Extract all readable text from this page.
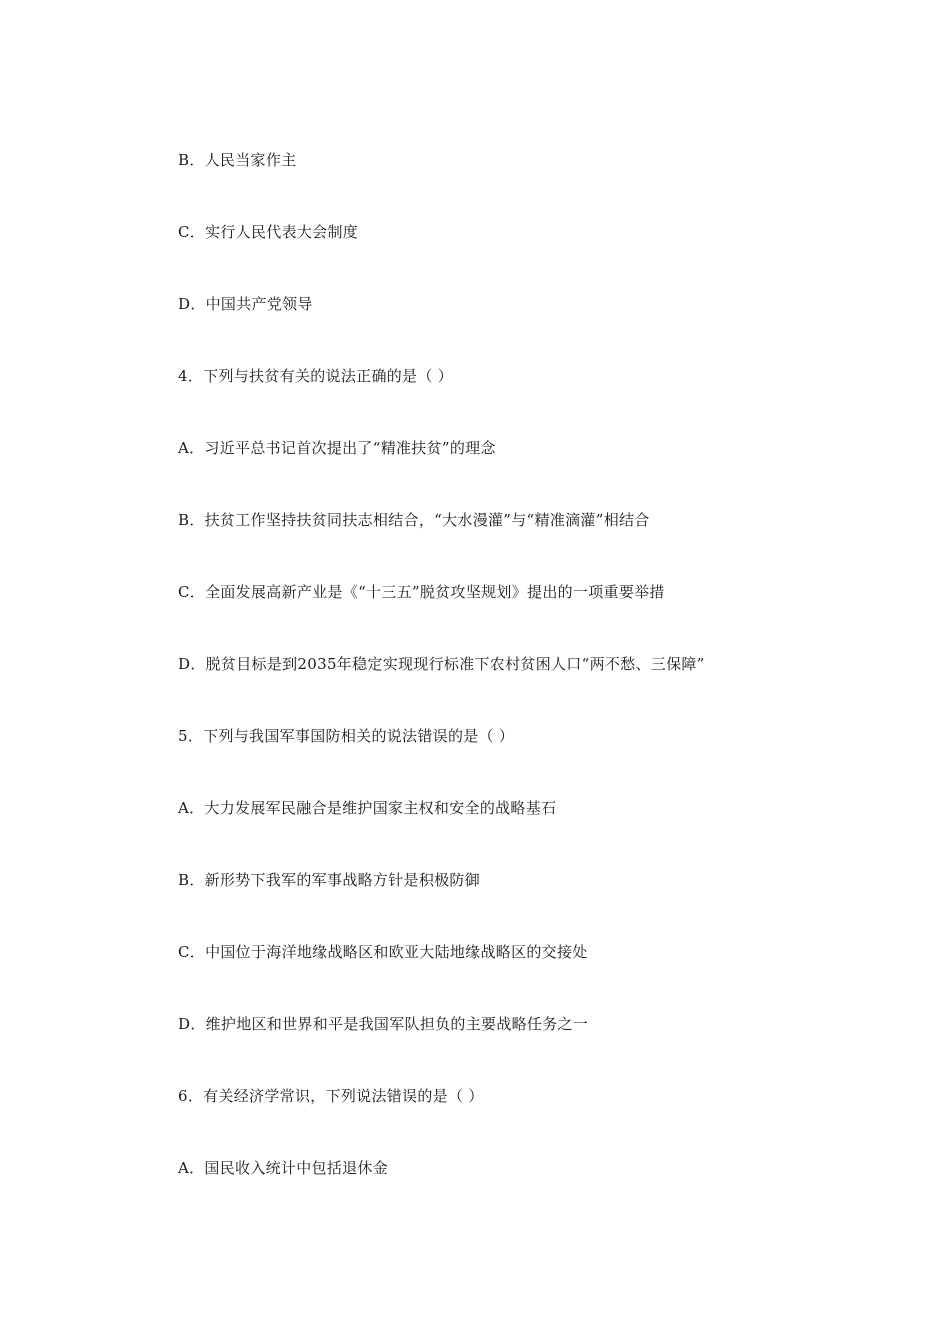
B．人民当家作主
C．实行人民代表大会制度
D．中国共产党领导
4．下列与扶贫有关的说法正确的是（ ）
A．习近平总书记首次提出了“精准扶贫”的理念
B．扶贫工作坚持扶贫同扶志相结合，“大水漫灌”与“精准滴灌”相结合
C．全面发展高新产业是《“十三五”脱贫攻坚规划》提出的一项重要举措
D．脱贫目标是到2035年稳定实现现行标准下农村贫困人口“两不愁、三保障”
5．下列与我国军事国防相关的说法错误的是（ ）
A．大力发展军民融合是维护国家主权和安全的战略基石
B．新形势下我军的军事战略方针是积极防御
C．中国位于海洋地缘战略区和欧亚大陆地缘战略区的交接处
D．维护地区和世界和平是我国军队担负的主要战略任务之一
6．有关经济学常识，下列说法错误的是（ ）
A．国民收入统计中包括退休金
